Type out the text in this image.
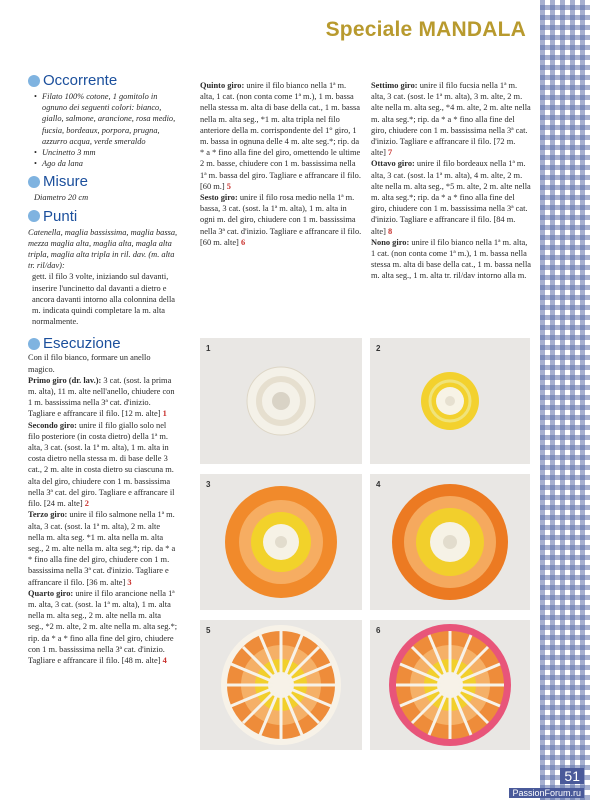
Speciale MANDALA
Occorrente
• Filato 100% cotone, 1 gomitolo in ognuno dei seguenti colori: bianco, giallo, salmone, arancione, rosa medio, fucsia, bordeaux, porpora, prugna, azzurro acqua, verde smeraldo
• Uncinetto 3 mm
• Ago da lana
Misure
Diametro 20 cm
Punti
Catenella, maglia bassissima, maglia bassa, mezza maglia alta, maglia alta, magla alta tripla, maglia alta tripla in ril. dav. (m. alta tr. ril/dav):
gett. il filo 3 volte, iniziando sul davanti, inserire l'uncinetto dal davanti a dietro e ancora davanti intorno alla colonnina della m. indicata quindi completare la m. alta normalmente.
Esecuzione

Con il filo bianco, formare un anello magico.

Primo giro (dr. lav.): 3 cat. (sost. la prima m. alta), 11 m. alte nell'anello, chiudere con 1 m. bassissima nella 3ª cat. d'inizio. Tagliare e affrancare il filo. [12 m. alte] 1

Secondo giro: unire il filo giallo solo nel filo posteriore (in costa dietro) della 1ª m. alta, 3 cat. (sost. la 1ª m. alta), 1 m. alta in costa dietro nella stessa m. di base delle 3 cat., 2 m. alte in costa dietro su ciascuna m. alta del giro, chiudere con 1 m. bassissima nella 3ª cat. del giro. Tagliare e affrancare il filo. [24 m. alte] 2

Terzo giro: unire il filo salmone nella 1ª m. alta, 3 cat. (sost. la 1ª m. alta), 2 m. alte nella m. alta seg. *1 m. alta nella m. alta seg., 2 m. alte nella m. alta seg.*; rip. da * a * fino alla fine del giro, chiudere con 1 m. bassissima nella 3ª cat. d'inizio. Tagliare e affrancare il filo. [36 m. alte] 3

Quarto giro: unire il filo arancione nella 1ª m. alta, 3 cat. (sost. la 1ª m. alta), 1 m. alta nella m. alta seg., 2 m. alte nella m. alta seg., *2 m. alte, 2 m. alte nella m. alta seg.*; rip. da * a * fino alla fine del giro, chiudere con 1 m. bassissima nella 3ª cat. d'inizio. Tagliare e affrancare il filo. [48 m. alte] 4

Quinto giro: unire il filo bianco nella 1ª m. alta, 1 cat. (non conta come 1ª m.), 1 m. bassa nella stessa m. alta di base della cat., 1 m. bassa nella m. alta seg., *1 m. alta tripla nel filo anteriore della m. corrispondente del 1° giro, 1 m. bassa in ognuna delle 4 m. alte seg.*; rip. da * a * fino alla fine del giro, omettendo le ultime 2 m. basse, chiudere con 1 m. bassissima nella 1ª m. bassa del giro. Tagliare e affrancare il filo. [60 m.] 5

Sesto giro: unire il filo rosa medio nella 1ª m. bassa, 3 cat. (sost. la 1ª m. alta), 1 m. alta in ogni m. del giro, chiudere con 1 m. bassissima nella 3ª cat. d'inizio. Tagliare e affrancare il filo. [60 m. alte] 6

Settimo giro: unire il filo fucsia nella 1ª m. alta, 3 cat. (sost. le 1ª m. alta), 3 m. alte, 2 m. alte nella m. alta seg., *4 m. alte, 2 m. alte nella m. alta seg.*; rip. da * a * fino alla fine del giro, chiudere con 1 m. bassissima nella 3ª cat. d'inizio. Tagliare e affrancare il filo. [72 m. alte] 7

Ottavo giro: unire il filo bordeaux nella 1ª m. alta, 3 cat. (sost. la 1ª m. alta), 4 m. alte, 2 m. alte nella m. alta seg., *5 m. alte, 2 m. alte nella m. alta seg.*; rip. da * a * fino alla fine del giro, chiudere con 1 m. bassissima nella 3ª cat. d'inizio. Tagliare e affrancare il filo. [84 m. alte] 8

Nono giro: unire il filo bianco nella 1ª m. alta, 1 cat. (non conta come 1ª m.), 1 m. bassa nella stessa m. alta di base della cat., 1 m. bassa nella m. alta seg., 1 m. alta tr. ril/dav intorno alla m.

1	2
3	4
5	6
51
PassionForum.ru
